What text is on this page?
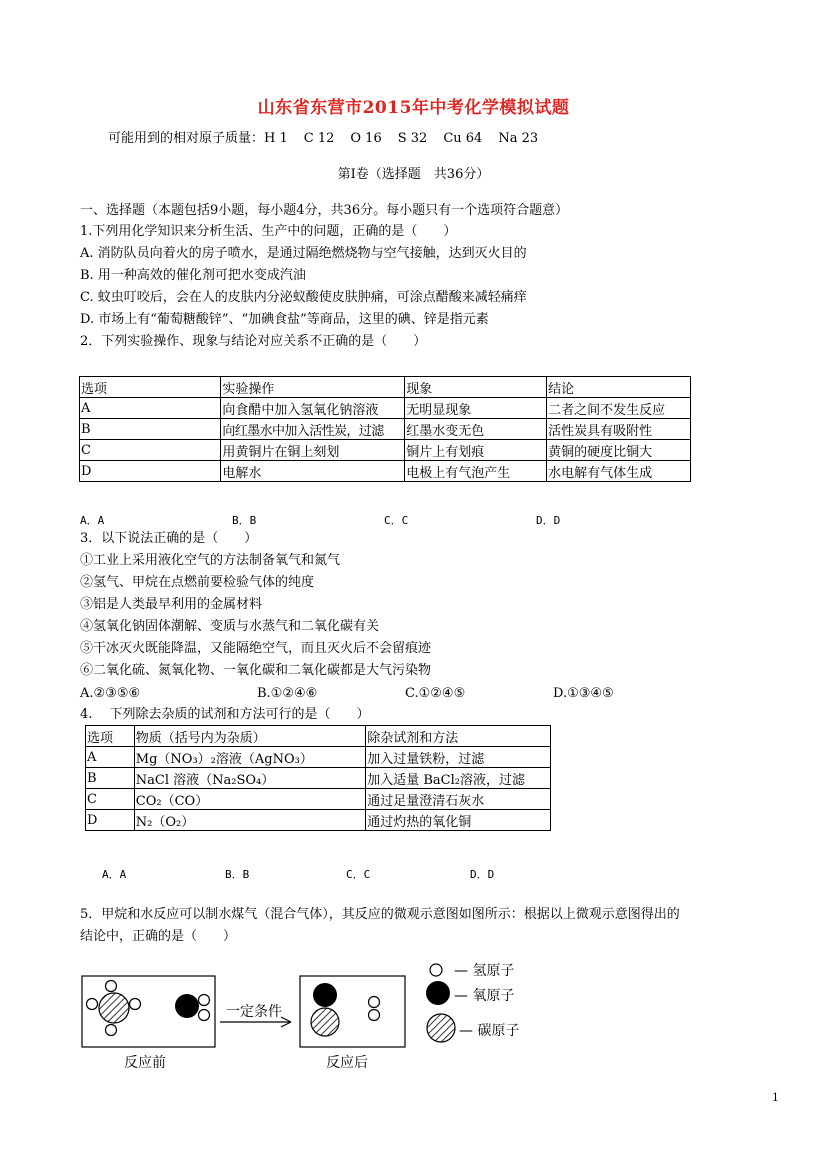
山东省东营市2015年中考化学模拟试题
可能用到的相对原子质量：H 1 C 12 O 16 S 32 Cu 64 Na 23
第I卷（选择题　共36分）
一、选择题（本题包括9小题，每小题4分，共36分。每小题只有一个选项符合题意）
1.下列用化学知识来分析生活、生产中的问题，正确的是（　　）
A. 消防队员向着火的房子喷水，是通过隔绝燃烧物与空气接触，达到灭火目的
B. 用一种高效的催化剂可把水变成汽油
C. 蚊虫叮咬后，会在人的皮肤内分泌蚁酸使皮肤肿痛，可涂点醋酸来减轻痛痒
D. 市场上有“葡萄糖酸锌”、“加碘食盐”等商品，这里的碘、锌是指元素
2．下列实验操作、现象与结论对应关系不正确的是（　　）
选项	实验操作	现象	结论
A	向食醋中加入氢氧化钠溶液	无明显现象	二者之间不发生反应
B	向红墨水中加入活性炭，过滤	红墨水变无色	活性炭具有吸附性
C	用黄铜片在铜上刻划	铜片上有划痕	黄铜的硬度比铜大
D	电解水	电极上有气泡产生	水电解有气体生成
A．A	B．B	C．C	D．D
3．以下说法正确的是（　　）
①工业上采用液化空气的方法制备氧气和氮气
②氢气、甲烷在点燃前要检验气体的纯度
③铝是人类最早利用的金属材料
④氢氧化钠固体潮解、变质与水蒸气和二氧化碳有关
⑤干冰灭火既能降温，又能隔绝空气，而且灭火后不会留痕迹
⑥二氧化硫、氮氧化物、一氧化碳和二氧化碳都是大气污染物
A.②③⑤⑥	B.①②④⑥	C.①②④⑤	D.①③④⑤
4.　 下列除去杂质的试剂和方法可行的是（　　）
选项	物质（括号内为杂质）	除杂试剂和方法
A	Mg（NO₃）₂溶液（AgNO₃）	加入过量铁粉，过滤
B	NaCl 溶液（Na₂SO₄）	加入适量 BaCl₂溶液，过滤
C	CO₂（CO）	通过足量澄清石灰水
D	N₂（O₂）	通过灼热的氧化铜
A．A	B．B	C．C	D．D
5．甲烷和水反应可以制水煤气（混合气体），其反应的微观示意图如图所示：根据以上微观示意图得出的
结论中，正确的是（　　）
一定条件
反应前	反应后
— 氢原子
— 氧原子
— 碳原子
1
